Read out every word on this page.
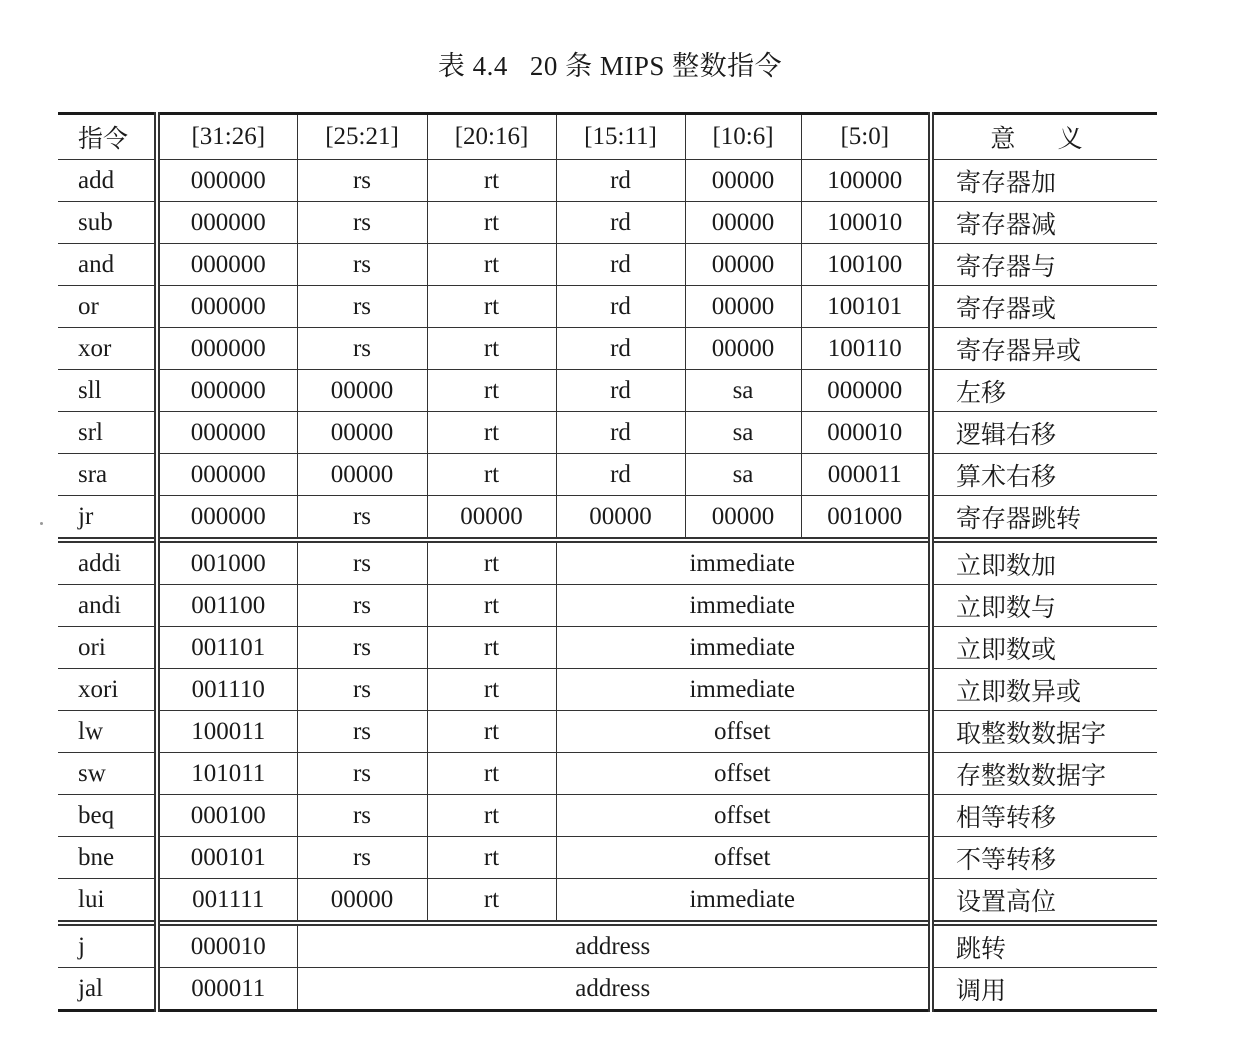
表 4.4 20 条 MIPS 整数指令
指令	[31:26]	[25:21]	[20:16]	[15:11]	[10:6]	[5:0]	意 义
add	000000	rs	rt	rd	00000	100000	寄存器加
sub	000000	rs	rt	rd	00000	100010	寄存器减
and	000000	rs	rt	rd	00000	100100	寄存器与
or	000000	rs	rt	rd	00000	100101	寄存器或
xor	000000	rs	rt	rd	00000	100110	寄存器异或
sll	000000	00000	rt	rd	sa	000000	左移
srl	000000	00000	rt	rd	sa	000010	逻辑右移
sra	000000	00000	rt	rd	sa	000011	算术右移
jr	000000	rs	00000	00000	00000	001000	寄存器跳转
addi	001000	rs	rt	immediate			立即数加
andi	001100	rs	rt	immediate			立即数与
ori	001101	rs	rt	immediate			立即数或
xori	001110	rs	rt	immediate			立即数异或
lw	100011	rs	rt	offset			取整数数据字
sw	101011	rs	rt	offset			存整数数据字
beq	000100	rs	rt	offset			相等转移
bne	000101	rs	rt	offset			不等转移
lui	001111	00000	rt	immediate			设置高位
j	000010	address					跳转
jal	000011	address					调用
